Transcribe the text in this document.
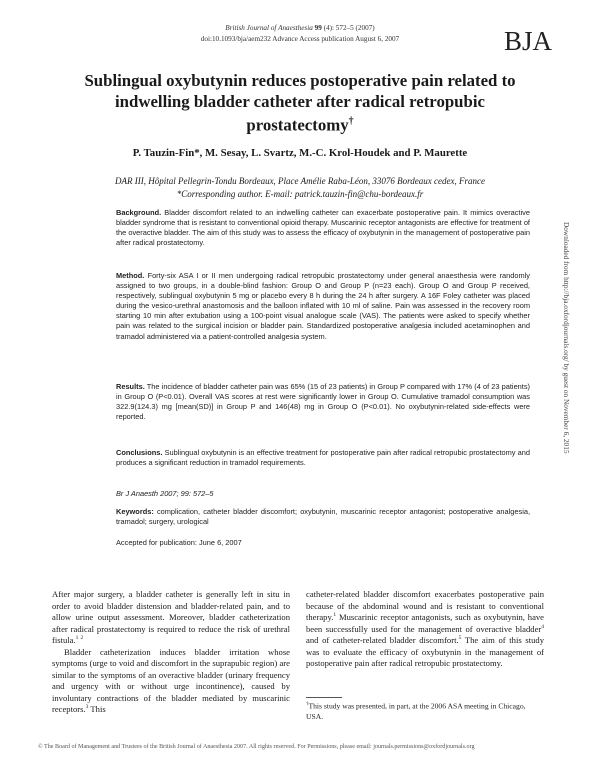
British Journal of Anaesthesia 99 (4): 572–5 (2007)
doi:10.1093/bja/aem232 Advance Access publication August 6, 2007	BJA
Sublingual oxybutynin reduces postoperative pain related to indwelling bladder catheter after radical retropubic prostatectomy†
P. Tauzin-Fin*, M. Sesay, L. Svartz, M.-C. Krol-Houdek and P. Maurette
DAR III, Hôpital Pellegrin-Tondu Bordeaux, Place Amélie Raba-Léon, 33076 Bordeaux cedex, France
*Corresponding author. E-mail: patrick.tauzin-fin@chu-bordeaux.fr

Background. Bladder discomfort related to an indwelling catheter can exacerbate postoperative pain. It mimics overactive bladder syndrome that is resistant to conventional opioid therapy. Muscarinic receptor antagonists are effective for treatment of the overactive bladder. The aim of this study was to assess the efficacy of oxybutynin in the management of postoperative pain after radical prostatectomy.

Method. Forty-six ASA I or II men undergoing radical retropubic prostatectomy under general anaesthesia were randomly assigned to two groups, in a double-blind fashion: Group O and Group P (n=23 each). Group O and Group P received, respectively, sublingual oxybutynin 5 mg or placebo every 8 h during the 24 h after surgery. A 16F Foley catheter was placed during the vesico-urethral anastomosis and the balloon inflated with 10 ml of saline. Pain was assessed in the recovery room starting 10 min after extubation using a 100-point visual analogue scale (VAS). The patients were asked to specify whether pain was related to the surgical incision or bladder pain. Standardized postoperative analgesia included acetaminophen and tramadol administered via a patient-controlled analgesia system.

Results. The incidence of bladder catheter pain was 65% (15 of 23 patients) in Group P compared with 17% (4 of 23 patients) in Group O (P<0.01). Overall VAS scores at rest were significantly lower in Group O. Cumulative tramadol consumption was 322.9(124.3) mg [mean(SD)] in Group P and 146(48) mg in Group O (P<0.01). No oxybutynin-related side-effects were reported.

Conclusions. Sublingual oxybutynin is an effective treatment for postoperative pain after radical retropubic prostatectomy and produces a significant reduction in tramadol requirements.

Br J Anaesth 2007; 99: 572–5

Keywords: complication, catheter bladder discomfort; oxybutynin, muscarinic receptor antagonist; postoperative analgesia, tramadol; surgery, urological

Accepted for publication: June 6, 2007
Downloaded from http://bja.oxfordjournals.org/ by guest on November 6, 2015

After major surgery, a bladder catheter is generally left in situ in order to avoid bladder distension and bladder-related pain, and to allow urine output assessment. Moreover, bladder catheterization after radical prostatectomy is required to reduce the risk of urethral fistula.$^1$ $^2$

Bladder catheterization induces bladder irritation whose symptoms (urge to void and discomfort in the suprapubic region) are similar to the symptoms of an overactive bladder (urinary frequency and urgency with or without urge incontinence), caused by involuntary contractions of the bladder mediated by muscarinic receptors.$^3$ This

catheter-related bladder discomfort exacerbates postoperative pain because of the abdominal wound and is resistant to conventional therapy.$^1$ Muscarinic receptor antagonists, such as oxybutynin, have been successfully used for the management of overactive bladder$^4$ and of catheter-related bladder discomfort.$^5$ The aim of this study was to evaluate the efficacy of oxybutynin in the management of postoperative pain after radical retropubic prostatectomy.

†This study was presented, in part, at the 2006 ASA meeting in Chicago, USA.
© The Board of Management and Trustees of the British Journal of Anaesthesia 2007. All rights reserved. For Permissions, please email: journals.permissions@oxfordjournals.org
